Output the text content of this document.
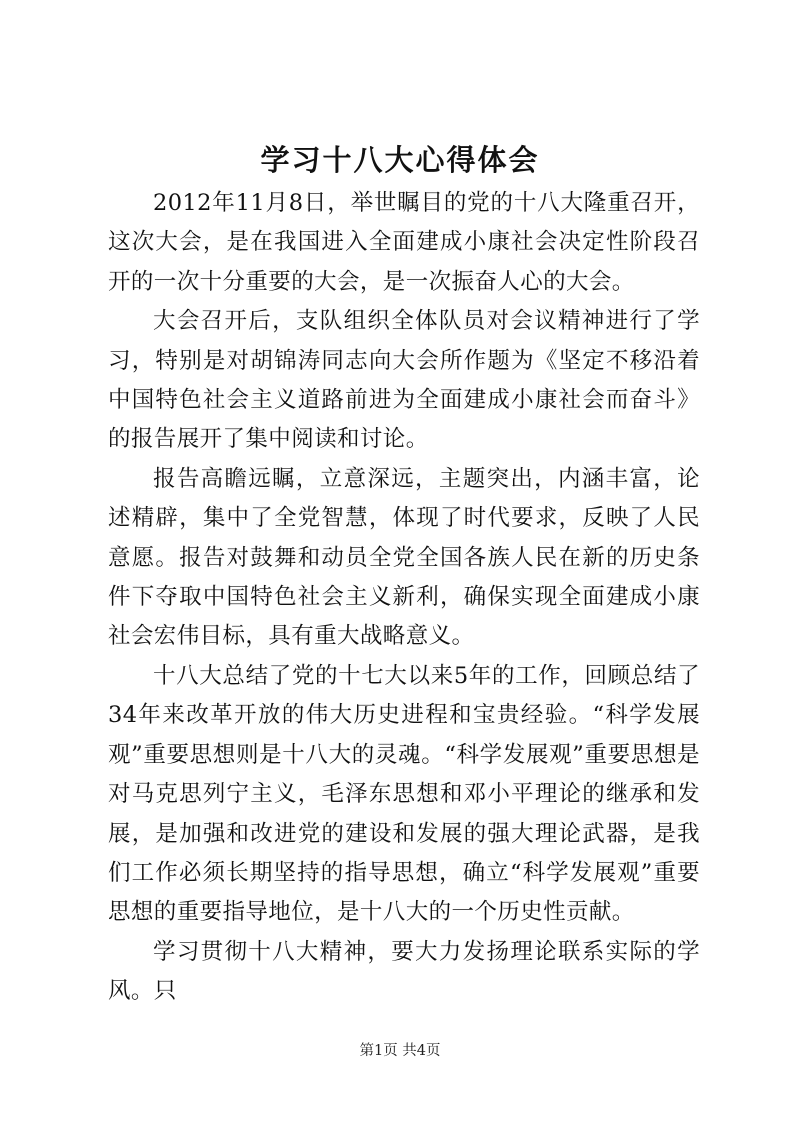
学习十八大心得体会

2012年11月8日，举世瞩目的党的十八大隆重召开，这次大会，是在我国进入全面建成小康社会决定性阶段召开的一次十分重要的大会，是一次振奋人心的大会。

大会召开后，支队组织全体队员对会议精神进行了学习，特别是对胡锦涛同志向大会所作题为《坚定不移沿着中国特色社会主义道路前进为全面建成小康社会而奋斗》的报告展开了集中阅读和讨论。

报告高瞻远瞩，立意深远，主题突出，内涵丰富，论述精辟，集中了全党智慧，体现了时代要求，反映了人民意愿。报告对鼓舞和动员全党全国各族人民在新的历史条件下夺取中国特色社会主义新利，确保实现全面建成小康社会宏伟目标，具有重大战略意义。

十八大总结了党的十七大以来5年的工作，回顾总结了34年来改革开放的伟大历史进程和宝贵经验。“科学发展观”重要思想则是十八大的灵魂。“科学发展观”重要思想是对马克思列宁主义，毛泽东思想和邓小平理论的继承和发展，是加强和改进党的建设和发展的强大理论武器，是我们工作必须长期坚持的指导思想，确立“科学发展观”重要思想的重要指导地位，是十八大的一个历史性贡献。

学习贯彻十八大精神，要大力发扬理论联系实际的学风。只

第1页 共4页
